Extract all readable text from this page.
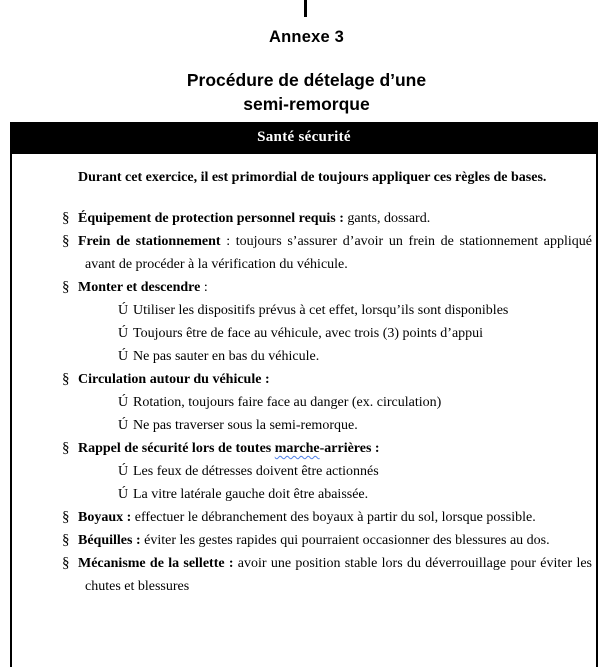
Annexe 3
Procédure de dételage d’une
semi-remorque
Santé sécurité

Durant cet exercice, il est primordial de toujours appliquer ces règles de bases.

§ Équipement de protection personnel requis : gants, dossard.
§ Frein de stationnement : toujours s’assurer d’avoir un frein de stationnement appliqué avant de procéder à la vérification du véhicule.
§ Monter et descendre :
Ú Utiliser les dispositifs prévus à cet effet, lorsqu’ils sont disponibles
Ú Toujours être de face au véhicule, avec trois (3) points d’appui
Ú Ne pas sauter en bas du véhicule.
§ Circulation autour du véhicule :
Ú Rotation, toujours faire face au danger (ex. circulation)
Ú Ne pas traverser sous la semi-remorque.
§ Rappel de sécurité lors de toutes marche-arrières :
Ú Les feux de détresses doivent être actionnés
Ú La vitre latérale gauche doit être abaissée.
§ Boyaux : effectuer le débranchement des boyaux à partir du sol, lorsque possible.
§ Béquilles : éviter les gestes rapides qui pourraient occasionner des blessures au dos.
§ Mécanisme de la sellette : avoir une position stable lors du déverrouillage pour éviter les chutes et blessures
